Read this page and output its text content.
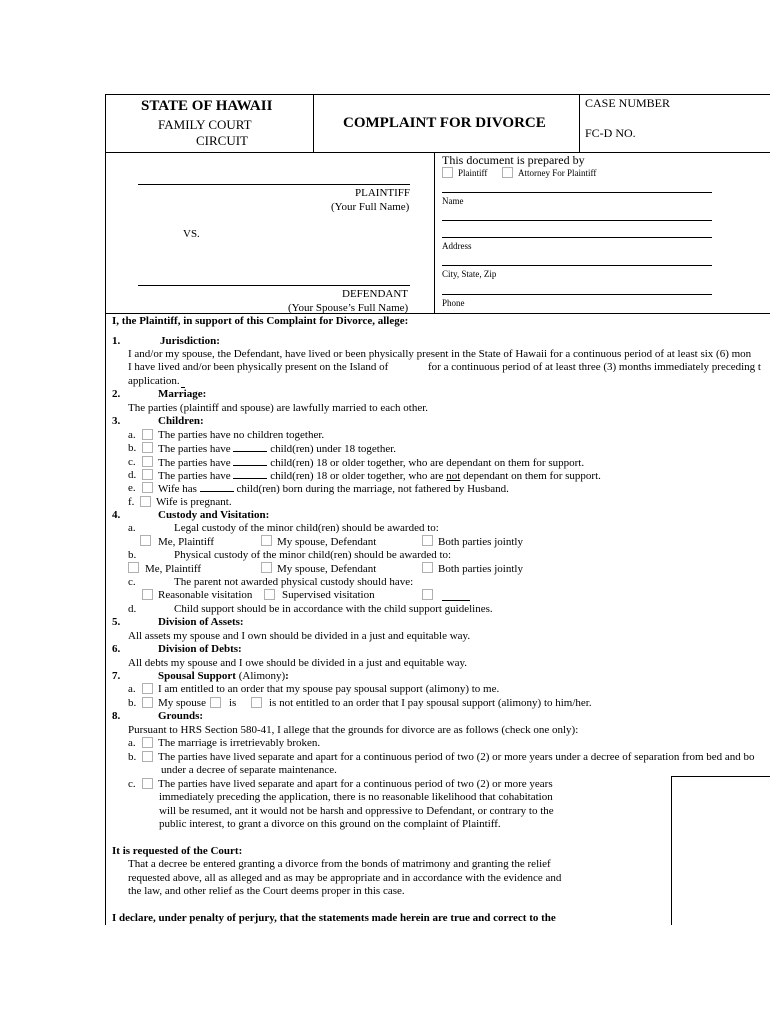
STATE OF HAWAII
FAMILY COURT
CIRCUIT
COMPLAINT FOR DIVORCE
CASE NUMBER
FC-D NO.
PLAINTIFF
(Your Full Name)
VS.
DEFENDANT
(Your Spouse’s Full Name)
This document is prepared by
Plaintiff	Attorney For Plaintiff
Name
Address
City, State, Zip
Phone
I, the Plaintiff, in support of this Complaint for Divorce, allege:
1.	Jurisdiction:
I and/or my spouse, the Defendant, have lived or been physically present in the State of Hawaii for a continuous period of at least six (6) mon
I have lived and/or been physically present on the Island of	for a continuous period of at least three (3) months immediately preceding t
application.
2.	Marriage:
The parties (plaintiff and spouse) are lawfully married to each other.
3.	Children:
a. The parties have no children together.
b. The parties have	child(ren) under 18 together.
c. The parties have	child(ren) 18 or older together, who are dependant on them for support.
d. The parties have	child(ren) 18 or older together, who are not dependant on them for support.
e. Wife has	child(ren) born during the marriage, not fathered by Husband.
f. Wife is pregnant.
4.	Custody and Visitation:
a.	Legal custody of the minor child(ren) should be awarded to:
Me, Plaintiff	My spouse, Defendant	Both parties jointly
b.	Physical custody of the minor child(ren) should be awarded to:
Me, Plaintiff	My spouse, Defendant	Both parties jointly
c.	The parent not awarded physical custody should have:
Reasonable visitation	Supervised visitation
d.	Child support should be in accordance with the child support guidelines.
5.	Division of Assets:
All assets my spouse and I own should be divided in a just and equitable way.
6.	Division of Debts:
All debts my spouse and I owe should be divided in a just and equitable way.
7.	Spousal Support (Alimony):
a. I am entitled to an order that my spouse pay spousal support (alimony) to me.
b. My spouse is	is not entitled to an order that I pay spousal support (alimony) to him/her.
8.	Grounds:
Pursuant to HRS Section 580-41, I allege that the grounds for divorce are as follows (check one only):
a. The marriage is irretrievably broken.
b. The parties have lived separate and apart for a continuous period of two (2) or more years under a decree of separation from bed and bo
under a decree of separate maintenance.
c. The parties have lived separate and apart for a continuous period of two (2) or more years
immediately preceding the application, there is no reasonable likelihood that cohabitation
will be resumed, ant it would not be harsh and oppressive to Defendant, or contrary to the
public interest, to grant a divorce on this ground on the complaint of Plaintiff.
It is requested of the Court:
That a decree be entered granting a divorce from the bonds of matrimony and granting the relief
requested above, all as alleged and as may be appropriate and in accordance with the evidence and
the law, and other relief as the Court deems proper in this case.
I declare, under penalty of perjury, that the statements made herein are true and correct to the
